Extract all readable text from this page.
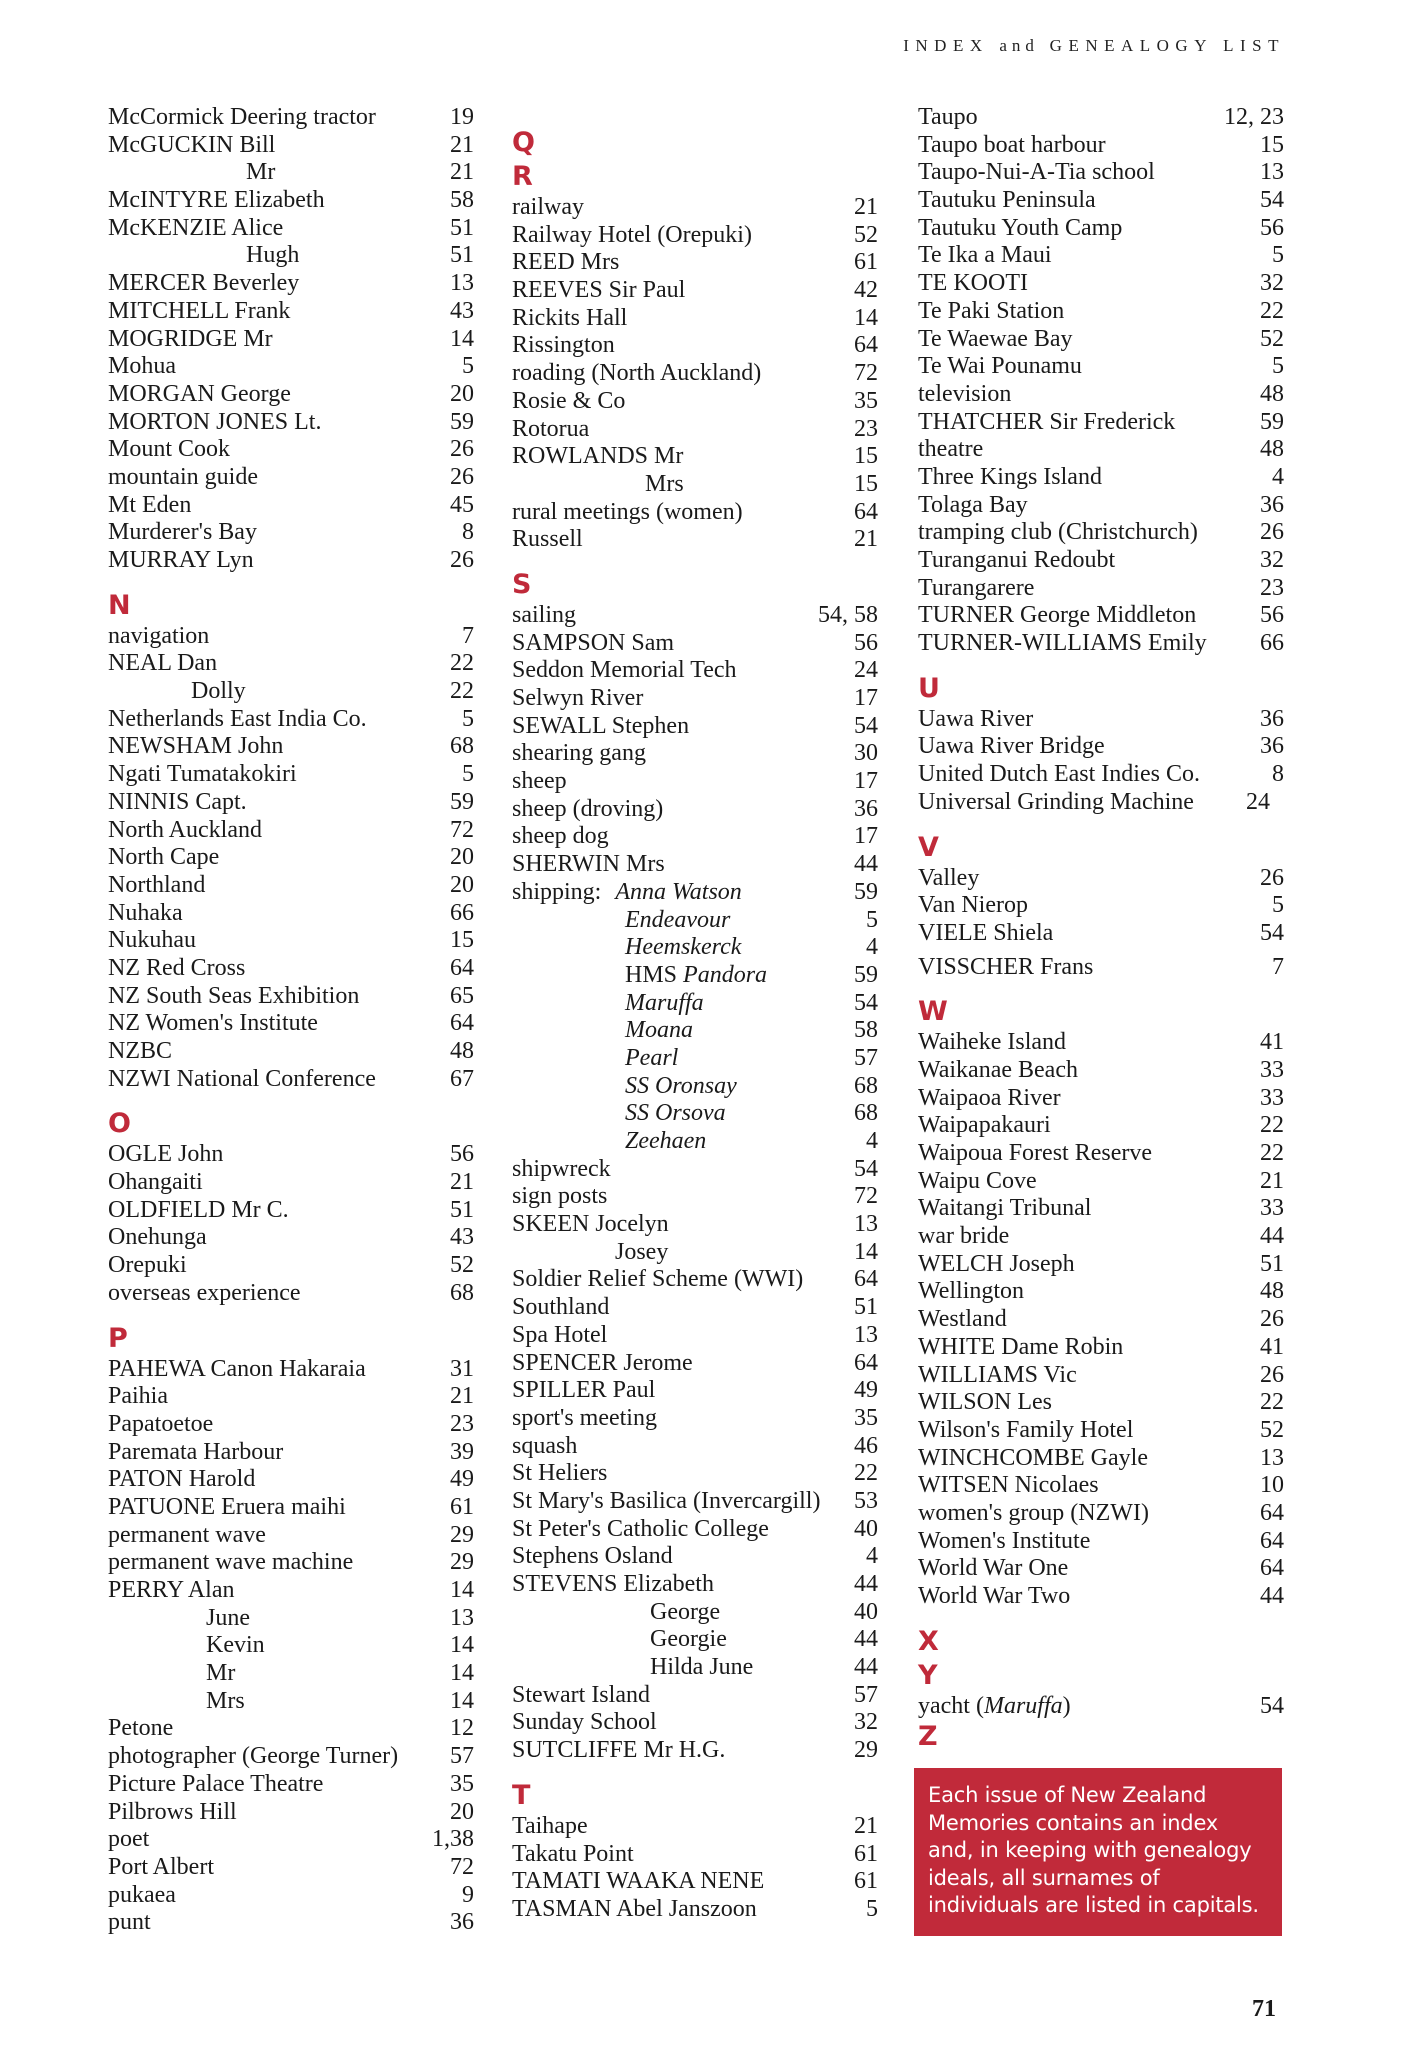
INDEX and GENEALOGY LIST
McCormick Deering tractor	19
McGUCKIN Bill	21
Mr	21
McINTYRE Elizabeth	58
McKENZIE Alice	51
Hugh	51
MERCER Beverley	13
MITCHELL Frank	43
MOGRIDGE Mr	14
Mohua	5
MORGAN George	20
MORTON JONES Lt.	59
Mount Cook	26
mountain guide	26
Mt Eden	45
Murderer's Bay	8
MURRAY Lyn	26
N
navigation	7
NEAL Dan	22
Dolly	22
Netherlands East India Co.	5
NEWSHAM John	68
Ngati Tumatakokiri	5
NINNIS Capt.	59
North Auckland	72
North Cape	20
Northland	20
Nuhaka	66
Nukuhau	15
NZ Red Cross	64
NZ South Seas Exhibition	65
NZ Women's Institute	64
NZBC	48
NZWI National Conference	67
O
OGLE John	56
Ohangaiti	21
OLDFIELD Mr C.	51
Onehunga	43
Orepuki	52
overseas experience	68
P
PAHEWA Canon Hakaraia	31
Paihia	21
Papatoetoe	23
Paremata Harbour	39
PATON Harold	49
PATUONE Eruera maihi	61
permanent wave	29
permanent wave machine	29
PERRY Alan	14
June	13
Kevin	14
Mr	14
Mrs	14
Petone	12
photographer (George Turner)	57
Picture Palace Theatre	35
Pilbrows Hill	20
poet	1,38
Port Albert	72
pukaea	9
punt	36
Q
R
railway	21
Railway Hotel (Orepuki)	52
REED Mrs	61
REEVES Sir Paul	42
Rickits Hall	14
Rissington	64
roading (North Auckland)	72
Rosie & Co	35
Rotorua	23
ROWLANDS Mr	15
Mrs	15
rural meetings (women)	64
Russell	21
S
sailing	54, 58
SAMPSON Sam	56
Seddon Memorial Tech	24
Selwyn River	17
SEWALL Stephen	54
shearing gang	30
sheep	17
sheep (droving)	36
sheep dog	17
SHERWIN Mrs	44
shipping: Anna Watson	59
Endeavour	5
Heemskerck	4
HMS Pandora	59
Maruffa	54
Moana	58
Pearl	57
SS Oronsay	68
SS Orsova	68
Zeehaen	4
shipwreck	54
sign posts	72
SKEEN Jocelyn	13
Josey	14
Soldier Relief Scheme (WWI)	64
Southland	51
Spa Hotel	13
SPENCER Jerome	64
SPILLER Paul	49
sport's meeting	35
squash	46
St Heliers	22
St Mary's Basilica (Invercargill)	53
St Peter's Catholic College	40
Stephens Osland	4
STEVENS Elizabeth	44
George	40
Georgie	44
Hilda June	44
Stewart Island	57
Sunday School	32
SUTCLIFFE Mr H.G.	29
T
Taihape	21
Takatu Point	61
TAMATI WAAKA NENE	61
TASMAN Abel Janszoon	5
Taupo	12, 23
Taupo boat harbour	15
Taupo-Nui-A-Tia school	13
Tautuku Peninsula	54
Tautuku Youth Camp	56
Te Ika a Maui	5
TE KOOTI	32
Te Paki Station	22
Te Waewae Bay	52
Te Wai Pounamu	5
television	48
THATCHER Sir Frederick	59
theatre	48
Three Kings Island	4
Tolaga Bay	36
tramping club (Christchurch)	26
Turanganui Redoubt	32
Turangarere	23
TURNER George Middleton	56
TURNER-WILLIAMS Emily	66
U
Uawa River	36
Uawa River Bridge	36
United Dutch East Indies Co.	8
Universal Grinding Machine	24
V
Valley	26
Van Nierop	5
VIELE Shiela	54
VISSCHER Frans	7
W
Waiheke Island	41
Waikanae Beach	33
Waipaoa River	33
Waipapakauri	22
Waipoua Forest Reserve	22
Waipu Cove	21
Waitangi Tribunal	33
war bride	44
WELCH Joseph	51
Wellington	48
Westland	26
WHITE Dame Robin	41
WILLIAMS Vic	26
WILSON Les	22
Wilson's Family Hotel	52
WINCHCOMBE Gayle	13
WITSEN Nicolaes	10
women's group (NZWI)	64
Women's Institute	64
World War One	64
World War Two	44
X
Y
yacht (Maruffa)	54
Z
Each issue of New Zealand
Memories contains an index
and, in keeping with genealogy
ideals, all surnames of
individuals are listed in capitals.
71
